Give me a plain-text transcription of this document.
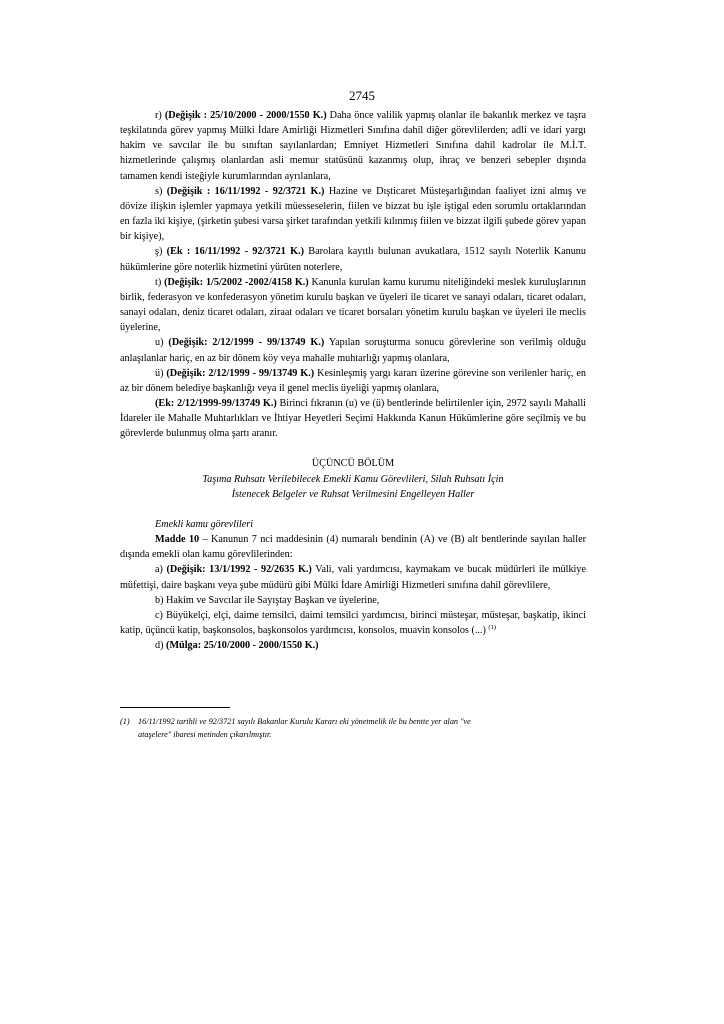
2745

r) (Değişik : 25/10/2000 - 2000/1550 K.) Daha önce valilik yapmış olanlar ile bakanlık merkez ve taşra teşkilatında görev yapmış Mülki İdare Amirliği Hizmetleri Sınıfına dahil diğer görevlilerden; adli ve idari yargı hakim ve savcılar ile bu sınıftan sayılanlardan; Emniyet Hizmetleri Sınıfına dahil kadrolar ile M.İ.T. hizmetlerinde çalışmış olanlardan asli memur statüsünü kazanmış olup, ihraç ve benzeri sebepler dışında tamamen kendi isteğiyle kurumlarından ayrılanlara,

s) (Değişik : 16/11/1992 - 92/3721 K.) Hazine ve Dışticaret Müsteşarlığından faaliyet izni almış ve dövize ilişkin işlemler yapmaya yetkili müesseselerin, fiilen ve bizzat bu işle iştigal eden sorumlu ortaklarından en fazla iki kişiye, (şirketin şubesi varsa şirket tarafından yetkili kılınmış fiilen ve bizzat ilgili şubede görev yapan bir kişiye),

ş) (Ek : 16/11/1992 - 92/3721 K.) Barolara kayıtlı bulunan avukatlara, 1512 sayılı Noterlik Kanunu hükümlerine göre noterlik hizmetini yürüten noterlere,

t) (Değişik: 1/5/2002 -2002/4158 K.) Kanunla kurulan kamu kurumu niteliğindeki meslek kuruluşlarının birlik, federasyon ve konfederasyon yönetim kurulu başkan ve üyeleri ile ticaret ve sanayi odaları, ticaret odaları, sanayi odaları, deniz ticaret odaları, ziraat odaları ve ticaret borsaları yönetim kurulu başkan ve üyeleri ile meclis üyelerine,

u) (Değişik: 2/12/1999 - 99/13749 K.) Yapılan soruşturma sonucu görevlerine son verilmiş olduğu anlaşılanlar hariç, en az bir dönem köy veya mahalle muhtarlığı yapmış olanlara,

ü) (Değişik: 2/12/1999 - 99/13749 K.) Kesinleşmiş yargı kararı üzerine görevine son verilenler hariç, en az bir dönem belediye başkanlığı veya il genel meclis üyeliği yapmış olanlara,

(Ek: 2/12/1999-99/13749 K.) Birinci fıkranın (u) ve (ü) bentlerinde belirtilenler için, 2972 sayılı Mahalli İdareler ile Mahalle Muhtarlıkları ve İhtiyar Heyetleri Seçimi Hakkında Kanun Hükümlerine göre seçilmiş ve bu görevlerde bulunmuş olma şartı aranır.

ÜÇÜNCÜ BÖLÜM

Taşıma Ruhsatı Verilebilecek Emekli Kamu Görevlileri, Silah Ruhsatı İçin

İstenecek Belgeler ve Ruhsat Verilmesini Engelleyen Haller

Emekli kamu görevlileri

Madde 10 – Kanunun 7 nci maddesinin (4) numaralı bendinin (A) ve (B) alt bentlerinde sayılan haller dışında emekli olan kamu görevlilerinden:

a) (Değişik: 13/1/1992 - 92/2635 K.) Vali, vali yardımcısı, kaymakam ve bucak müdürleri ile mülkiye müfettişi, daire başkanı veya şube müdürü gibi Mülki İdare Amirliği Hizmetleri sınıfına dahil görevlilere,

b) Hakim ve Savcılar ile Sayıştay Başkan ve üyelerine,

c) Büyükelçi, elçi, daime temsilci, daimi temsilci yardımcısı, birinci müsteşar, müsteşar, başkatip, ikinci katip, üçüncü katip, başkonsolos, başkonsolos yardımcısı, konsolos, muavin konsolos (...) $^{(1)}$

d) (Mülga: 25/10/2000 - 2000/1550 K.)

(1) 16/11/1992 tarihli ve 92/3721 sayılı Bakanlar Kurulu Kararı eki yönetmelik ile bu bentte yer alan "ve

ataşelere" ibaresi metinden çıkarılmıştır.
